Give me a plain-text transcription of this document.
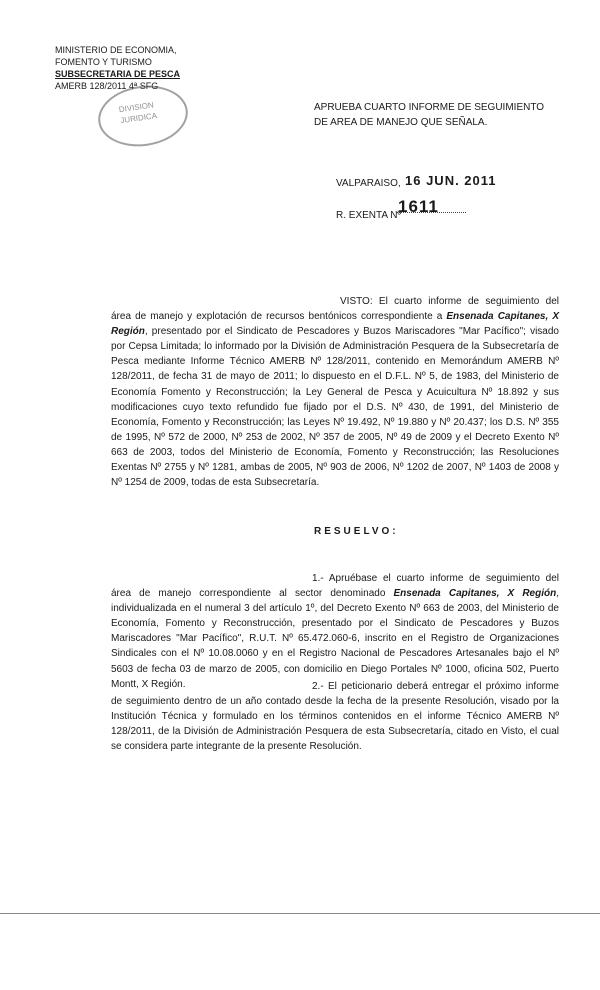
MINISTERIO DE ECONOMIA,
FOMENTO Y TURISMO
SUBSECRETARIA DE PESCA
AMERB 128/2011 4ª SFG
DIVISION
JURIDICA
APRUEBA CUARTO INFORME DE SEGUIMIENTO DE AREA DE MANEJO QUE SEÑALA.
VALPARAISO, 16 JUN. 2011
R. EXENTA Nº
1611
VISTO: El cuarto informe de seguimiento del área de manejo y explotación de recursos bentónicos correspondiente a Ensenada Capitanes, X Región, presentado por el Sindicato de Pescadores y Buzos Mariscadores "Mar Pacífico"; visado por Cepsa Limitada; lo informado por la División de Administración Pesquera de la Subsecretaría de Pesca mediante Informe Técnico AMERB Nº 128/2011, contenido en Memorándum AMERB Nº 128/2011, de fecha 31 de mayo de 2011; lo dispuesto en el D.F.L. Nº 5, de 1983, del Ministerio de Economía Fomento y Reconstrucción; la Ley General de Pesca y Acuicultura Nº 18.892 y sus modificaciones cuyo texto refundido fue fijado por el D.S. Nº 430, de 1991, del Ministerio de Economía, Fomento y Reconstrucción; las Leyes Nº 19.492, Nº 19.880 y Nº 20.437; los D.S. Nº 355 de 1995, Nº 572 de 2000, Nº 253 de 2002, Nº 357 de 2005, Nº 49 de 2009 y el Decreto Exento Nº 663 de 2003, todos del Ministerio de Economía, Fomento y Reconstrucción; las Resoluciones Exentas Nº 2755 y Nº 1281, ambas de 2005, Nº 903 de 2006, Nº 1202 de 2007, Nº 1403 de 2008 y Nº 1254 de 2009, todas de esta Subsecretaría.
RESUELVO:
1.- Apruébase el cuarto informe de seguimiento del área de manejo correspondiente al sector denominado Ensenada Capitanes, X Región, individualizada en el numeral 3 del artículo 1º, del Decreto Exento Nº 663 de 2003, del Ministerio de Economía, Fomento y Reconstrucción, presentado por el Sindicato de Pescadores y Buzos Mariscadores "Mar Pacífico", R.U.T. Nº 65.472.060-6, inscrito en el Registro de Organizaciones Sindicales con el Nº 10.08.0060 y en el Registro Nacional de Pescadores Artesanales bajo el Nº 5603 de fecha 03 de marzo de 2005, con domicilio en Diego Portales Nº 1000, oficina 502, Puerto Montt, X Región.	2.- El peticionario deberá entregar el próximo informe de seguimiento dentro de un año contado desde la fecha de la presente Resolución, visado por la Institución Técnica y formulado en los términos contenidos en el informe Técnico AMERB Nº 128/2011, de la División de Administración Pesquera de esta Subsecretaría, citado en Visto, el cual se considera parte integrante de la presente Resolución.
